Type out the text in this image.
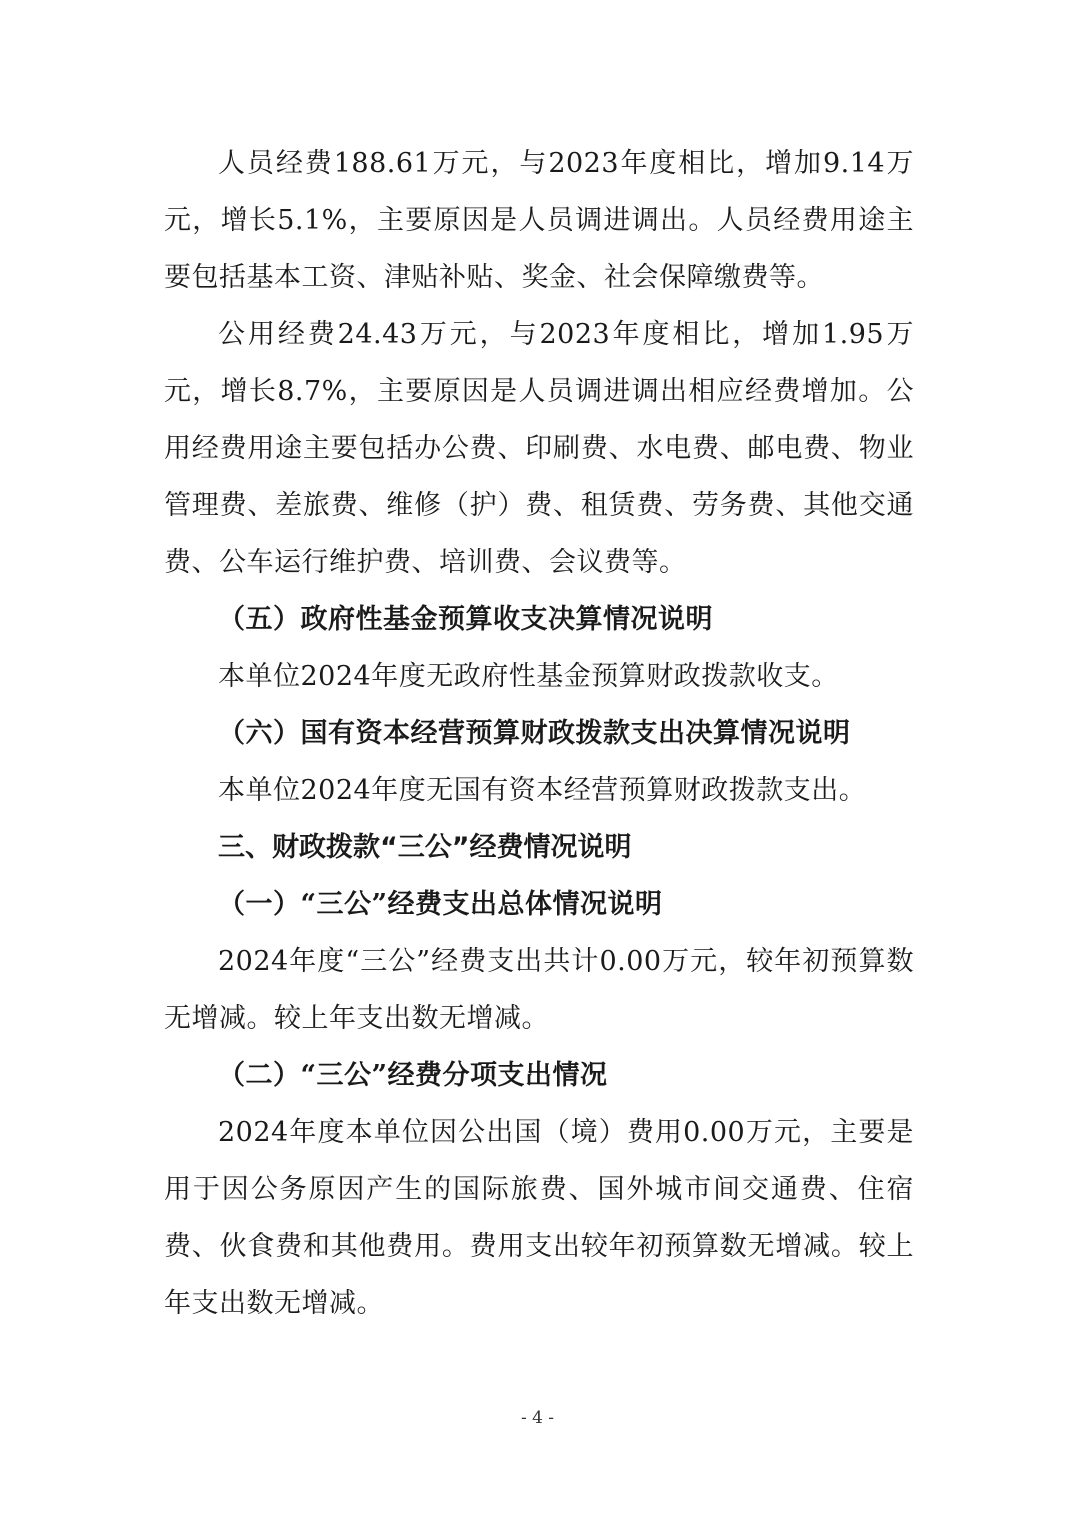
人员经费188.61万元，与2023年度相比，增加9.14万元，增长5.1%，主要原因是人员调进调出。人员经费用途主要包括基本工资、津贴补贴、奖金、社会保障缴费等。

公用经费24.43万元，与2023年度相比，增加1.95万元，增长8.7%，主要原因是人员调进调出相应经费增加。公用经费用途主要包括办公费、印刷费、水电费、邮电费、物业管理费、差旅费、维修（护）费、租赁费、劳务费、其他交通费、公车运行维护费、培训费、会议费等。

（五）政府性基金预算收支决算情况说明

本单位2024年度无政府性基金预算财政拨款收支。

（六）国有资本经营预算财政拨款支出决算情况说明

本单位2024年度无国有资本经营预算财政拨款支出。

三、财政拨款“三公”经费情况说明

（一）“三公”经费支出总体情况说明

2024年度“三公”经费支出共计0.00万元，较年初预算数无增减。较上年支出数无增减。

（二）“三公”经费分项支出情况

2024年度本单位因公出国（境）费用0.00万元，主要是用于因公务原因产生的国际旅费、国外城市间交通费、住宿费、伙食费和其他费用。费用支出较年初预算数无增减。较上年支出数无增减。

- 4 -
